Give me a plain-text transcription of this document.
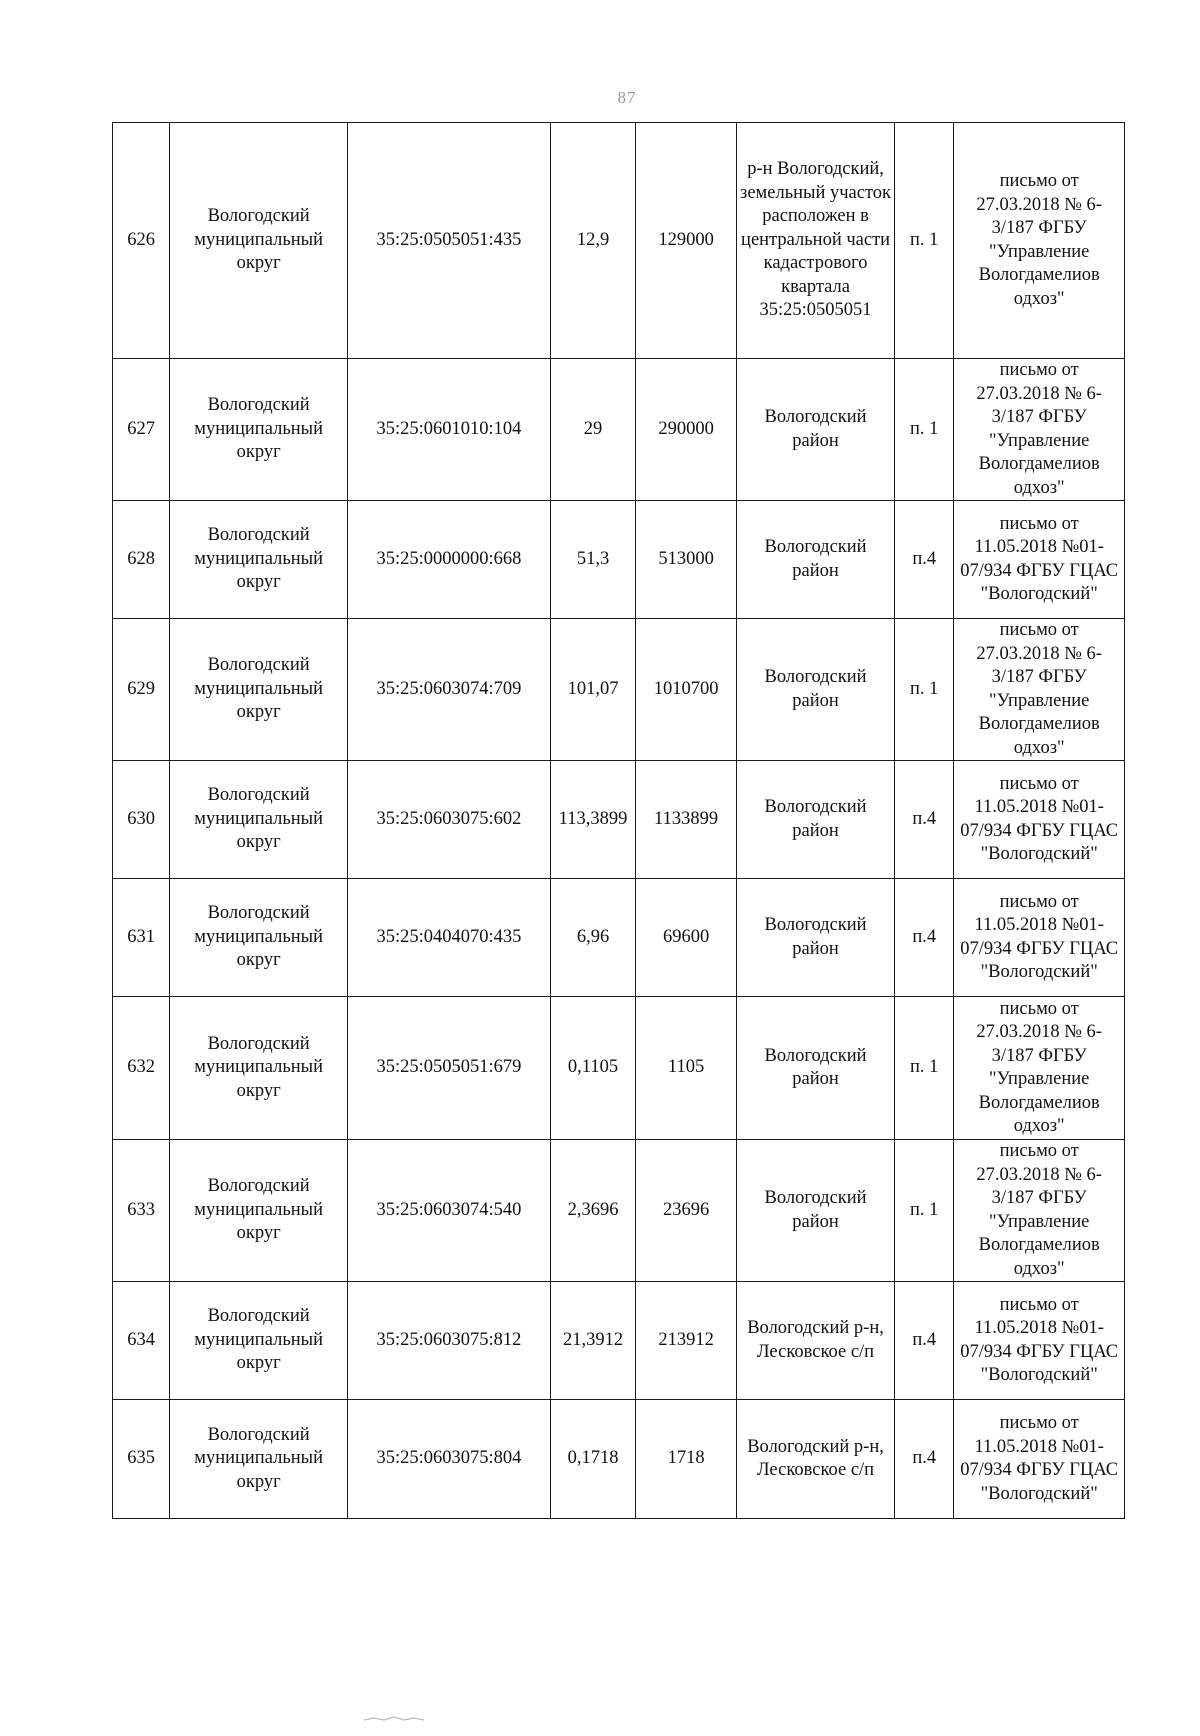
87
626	Вологодский муниципальный округ	35:25:0505051:435	12,9	129000	р-н Вологодский, земельный участок расположен в центральной части кадастрового квартала 35:25:0505051	п. 1	письмо от 27.03.2018 № 6-3/187 ФГБУ "Управление Вологдамелиов одхоз"
627	Вологодский муниципальный округ	35:25:0601010:104	29	290000	Вологодский район	п. 1	письмо от 27.03.2018 № 6-3/187 ФГБУ "Управление Вологдамелиов одхоз"
628	Вологодский муниципальный округ	35:25:0000000:668	51,3	513000	Вологодский район	п.4	письмо от 11.05.2018 №01-07/934 ФГБУ ГЦАС "Вологодский"
629	Вологодский муниципальный округ	35:25:0603074:709	101,07	1010700	Вологодский район	п. 1	письмо от 27.03.2018 № 6-3/187 ФГБУ "Управление Вологдамелиов одхоз"
630	Вологодский муниципальный округ	35:25:0603075:602	113,3899	1133899	Вологодский район	п.4	письмо от 11.05.2018 №01-07/934 ФГБУ ГЦАС "Вологодский"
631	Вологодский муниципальный округ	35:25:0404070:435	6,96	69600	Вологодский район	п.4	письмо от 11.05.2018 №01-07/934 ФГБУ ГЦАС "Вологодский"
632	Вологодский муниципальный округ	35:25:0505051:679	0,1105	1105	Вологодский район	п. 1	письмо от 27.03.2018 № 6-3/187 ФГБУ "Управление Вологдамелиов одхоз"
633	Вологодский муниципальный округ	35:25:0603074:540	2,3696	23696	Вологодский район	п. 1	письмо от 27.03.2018 № 6-3/187 ФГБУ "Управление Вологдамелиов одхоз"
634	Вологодский муниципальный округ	35:25:0603075:812	21,3912	213912	Вологодский р-н, Лесковское с/п	п.4	письмо от 11.05.2018 №01-07/934 ФГБУ ГЦАС "Вологодский"
635	Вологодский муниципальный округ	35:25:0603075:804	0,1718	1718	Вологодский р-н, Лесковское с/п	п.4	письмо от 11.05.2018 №01-07/934 ФГБУ ГЦАС "Вологодский"
